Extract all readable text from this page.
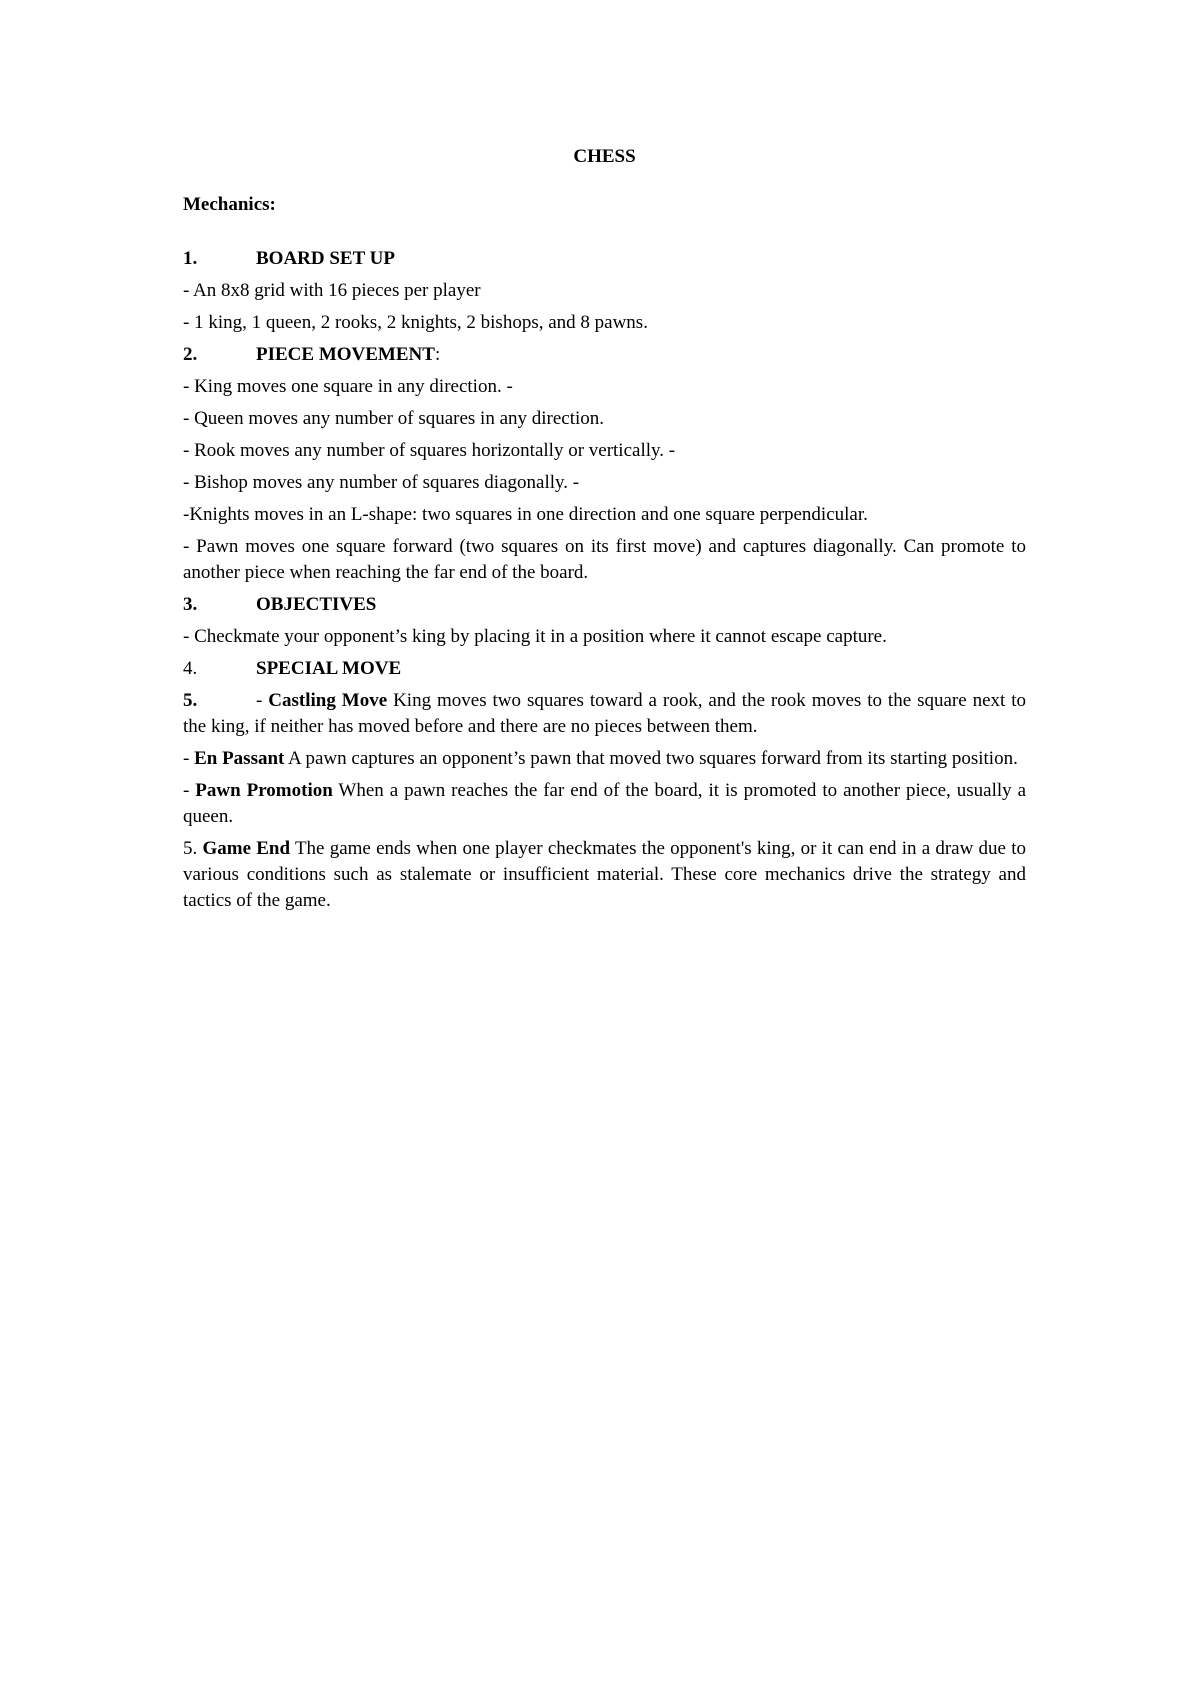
CHESS
Mechanics:
1.	BOARD SET UP
- An 8x8 grid with 16 pieces per player
- 1 king, 1 queen, 2 rooks, 2 knights, 2 bishops, and 8 pawns.
2.	PIECE MOVEMENT:
- King moves one square in any direction. -
- Queen moves any number of squares in any direction.
- Rook moves any number of squares horizontally or vertically. -
- Bishop moves any number of squares diagonally. -
-Knights moves in an L-shape: two squares in one direction and one square perpendicular.
- Pawn moves one square forward (two squares on its first move) and captures diagonally. Can promote to another piece when reaching the far end of the board.
3.	OBJECTIVES
- Checkmate your opponent’s king by placing it in a position where it cannot escape capture.
4.	SPECIAL MOVE
5.	- Castling Move King moves two squares toward a rook, and the rook moves to the square next to the king, if neither has moved before and there are no pieces between them.
- En Passant A pawn captures an opponent’s pawn that moved two squares forward from its starting position.
- Pawn Promotion When a pawn reaches the far end of the board, it is promoted to another piece, usually a queen.
5. Game End The game ends when one player checkmates the opponent's king, or it can end in a draw due to various conditions such as stalemate or insufficient material. These core mechanics drive the strategy and tactics of the game.
